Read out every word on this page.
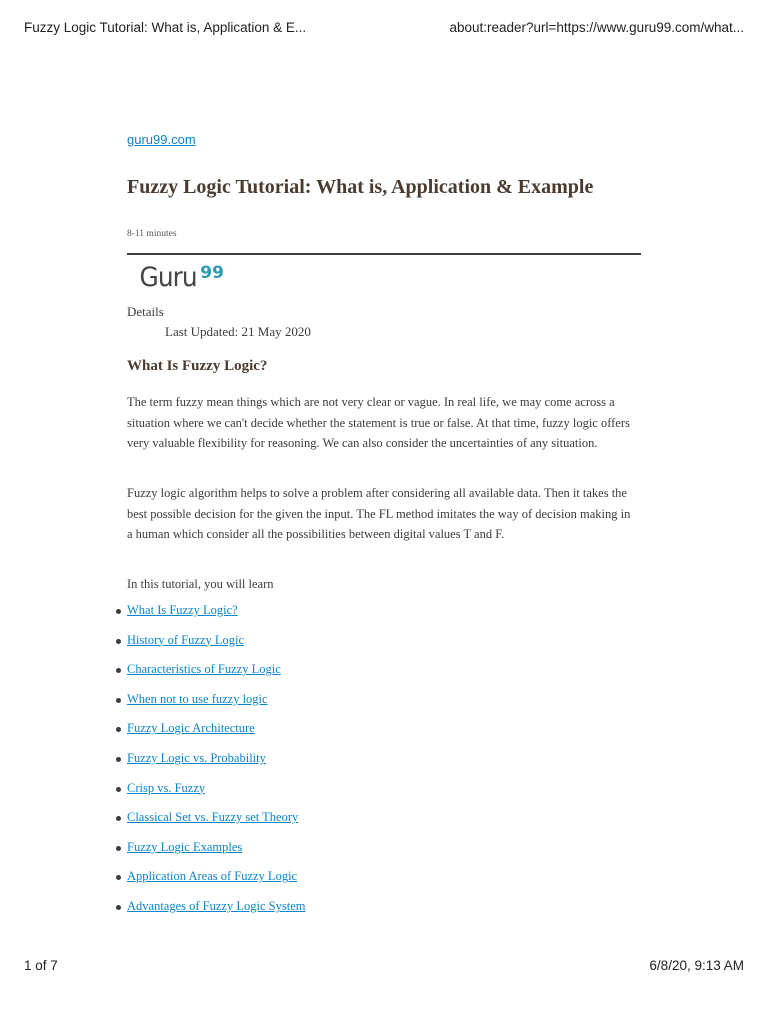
Fuzzy Logic Tutorial: What is, Application & E...	about:reader?url=https://www.guru99.com/what...
guru99.com
Fuzzy Logic Tutorial: What is, Application & Example
8-11 minutes
Guru 99
Details
Last Updated: 21 May 2020
What Is Fuzzy Logic?

The term fuzzy mean things which are not very clear or vague. In real life, we may come across a situation where we can't decide whether the statement is true or false. At that time, fuzzy logic offers very valuable flexibility for reasoning. We can also consider the uncertainties of any situation.

Fuzzy logic algorithm helps to solve a problem after considering all available data. Then it takes the best possible decision for the given the input. The FL method imitates the way of decision making in a human which consider all the possibilities between digital values T and F.

In this tutorial, you will learn

What Is Fuzzy Logic?
History of Fuzzy Logic
Characteristics of Fuzzy Logic
When not to use fuzzy logic
Fuzzy Logic Architecture
Fuzzy Logic vs. Probability
Crisp vs. Fuzzy
Classical Set vs. Fuzzy set Theory
Fuzzy Logic Examples
Application Areas of Fuzzy Logic
Advantages of Fuzzy Logic System
1 of 7	6/8/20, 9:13 AM
